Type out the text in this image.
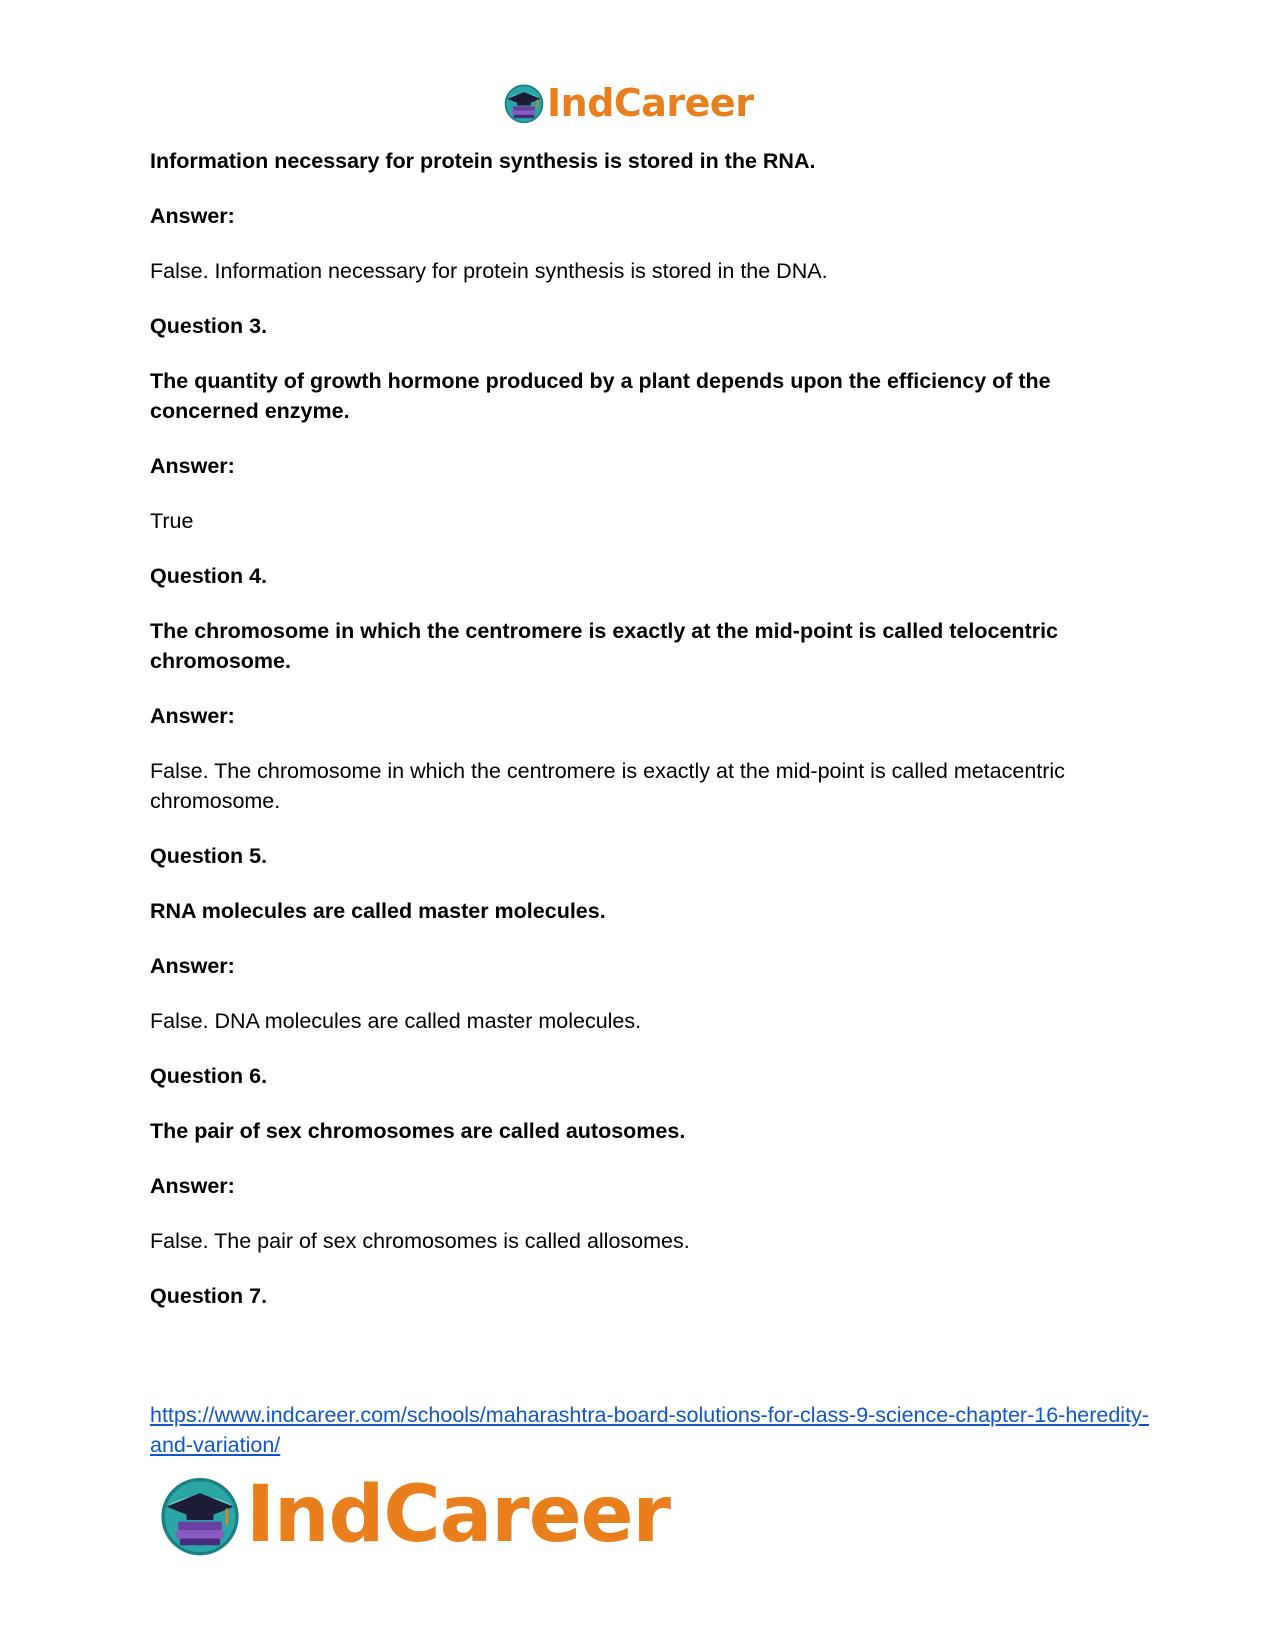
IndCareer

Information necessary for protein synthesis is stored in the RNA.

Answer:

False. Information necessary for protein synthesis is stored in the DNA.

Question 3.

The quantity of growth hormone produced by a plant depends upon the efficiency of the concerned enzyme.

Answer:

True

Question 4.

The chromosome in which the centromere is exactly at the mid-point is called telocentric chromosome.

Answer:

False. The chromosome in which the centromere is exactly at the mid-point is called metacentric chromosome.

Question 5.

RNA molecules are called master molecules.

Answer:

False. DNA molecules are called master molecules.

Question 6.

The pair of sex chromosomes are called autosomes.

Answer:

False. The pair of sex chromosomes is called allosomes.

Question 7.

https://www.indcareer.com/schools/maharashtra-board-solutions-for-class-9-science-chapter-16-heredity-and-variation/
IndCareer
